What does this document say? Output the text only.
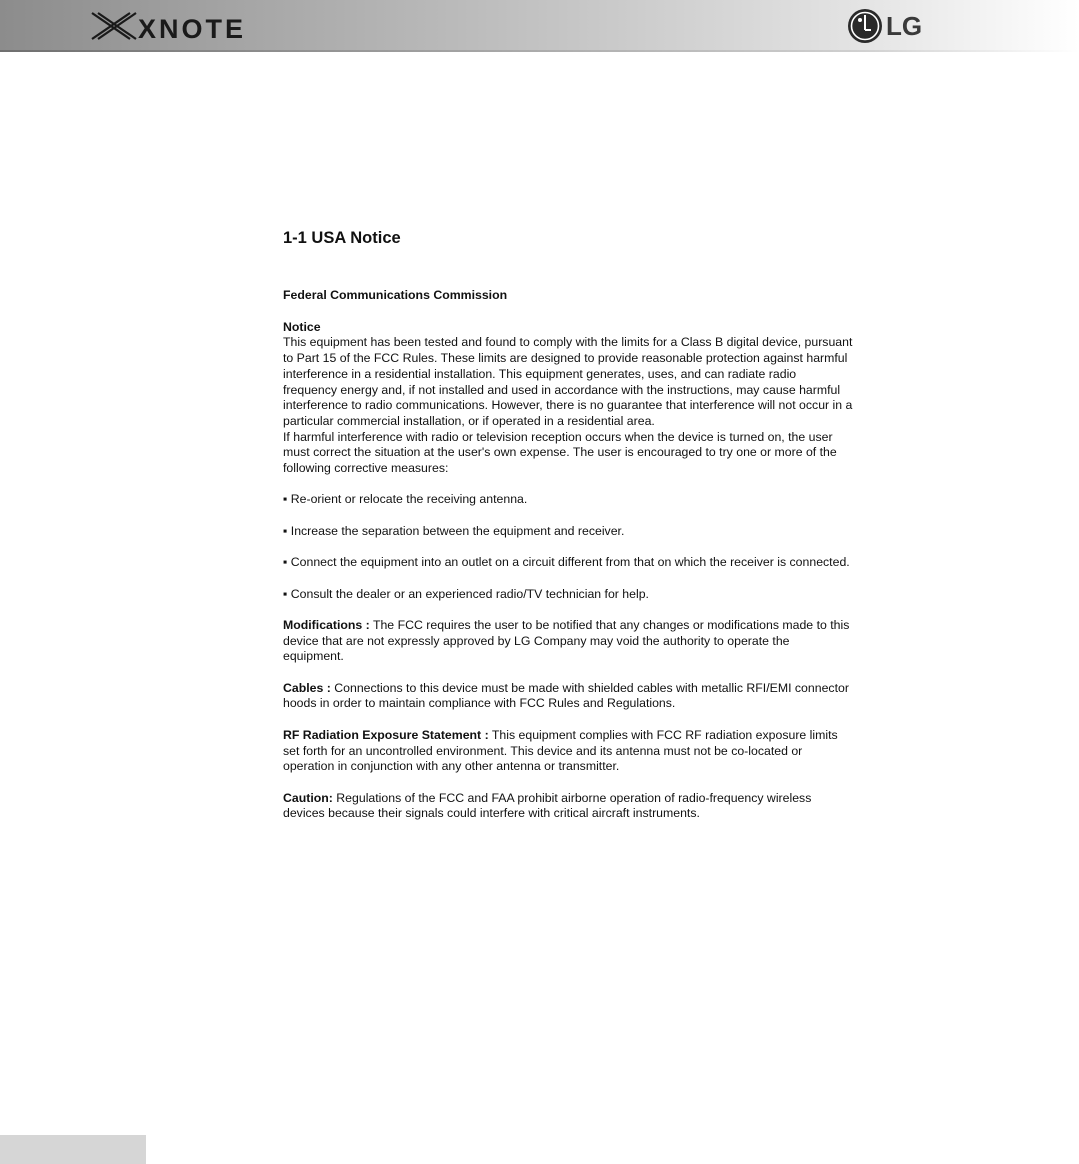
XNOTE	LG
1-1 USA Notice
Federal Communications Commission

Notice

This equipment has been tested and found to comply with the limits for a Class B digital device, pursuant to Part 15 of the FCC Rules. These limits are designed to provide reasonable protection against harmful interference in a residential installation. This equipment generates, uses, and can radiate radio frequency energy and, if not installed and used in accordance with the instructions, may cause harmful interference to radio communications. However, there is no guarantee that interference will not occur in a particular commercial installation, or if operated in a residential area.

If harmful interference with radio or television reception occurs when the device is turned on, the user must correct the situation at the user's own expense. The user is encouraged to try one or more of the following corrective measures:

▪ Re-orient or relocate the receiving antenna.

▪ Increase the separation between the equipment and receiver.

▪ Connect the equipment into an outlet on a circuit different from that on which the receiver is connected.

▪ Consult the dealer or an experienced radio/TV technician for help.

Modifications : The FCC requires the user to be notified that any changes or modifications made to this device that are not expressly approved by LG Company may void the authority to operate the equipment.

Cables : Connections to this device must be made with shielded cables with metallic RFI/EMI connector hoods in order to maintain compliance with FCC Rules and Regulations.

RF Radiation Exposure Statement : This equipment complies with FCC RF radiation exposure limits set forth for an uncontrolled environment. This device and its antenna must not be co-located or operation in conjunction with any other antenna or transmitter.

Caution: Regulations of the FCC and FAA prohibit airborne operation of radio-frequency wireless devices because their signals could interfere with critical aircraft instruments.
